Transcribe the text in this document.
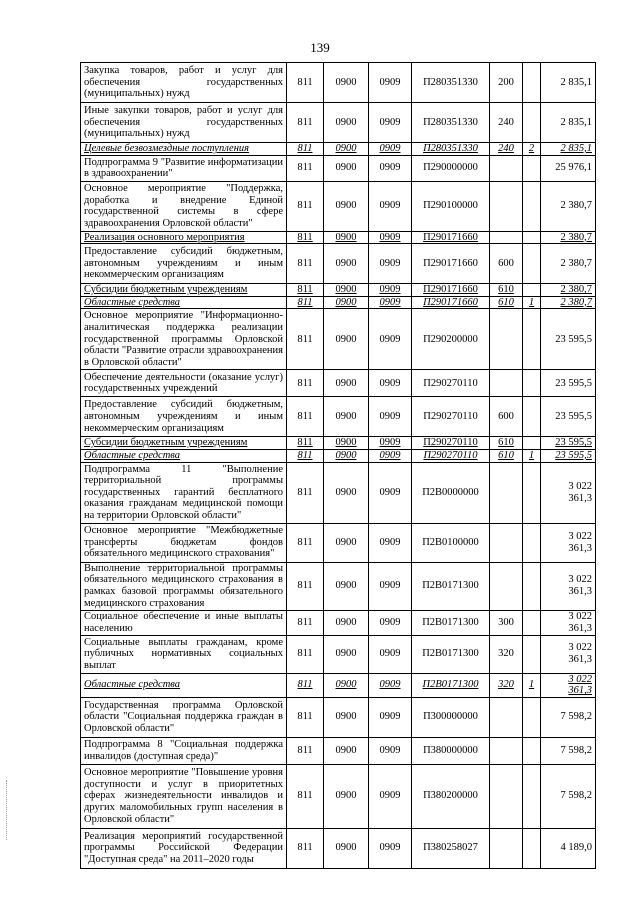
139
Закупка товаров, работ и услуг для обеспечения государственных (муниципальных) нужд	811	0900	0909	П280351330	200		2 835,1
Иные закупки товаров, работ и услуг для обеспечения государственных (муниципальных) нужд	811	0900	0909	П280351330	240		2 835,1
Целевые безвозмездные поступления	811	0900	0909	П280351330	240	2	2 835,1
Подпрограмма 9 "Развитие информатизации в здравоохранении"	811	0900	0909	П290000000			25 976,1
Основное мероприятие "Поддержка, доработка и внедрение Единой государственной системы в сфере здравоохранения Орловской области"	811	0900	0909	П290100000			2 380,7
Реализация основного мероприятия	811	0900	0909	П290171660			2 380,7
Предоставление субсидий бюджетным, автономным учреждениям и иным некоммерческим организациям	811	0900	0909	П290171660	600		2 380,7
Субсидии бюджетным учреждениям	811	0900	0909	П290171660	610		2 380,7
Областные средства	811	0900	0909	П290171660	610	1	2 380,7
Основное мероприятие "Информационно-аналитическая поддержка реализации государственной программы Орловской области "Развитие отрасли здравоохранения в Орловской области"	811	0900	0909	П290200000			23 595,5
Обеспечение деятельности (оказание услуг) государственных учреждений	811	0900	0909	П290270110			23 595,5
Предоставление субсидий бюджетным, автономным учреждениям и иным некоммерческим организациям	811	0900	0909	П290270110	600		23 595,5
Субсидии бюджетным учреждениям	811	0900	0909	П290270110	610		23 595,5
Областные средства	811	0900	0909	П290270110	610	1	23 595,5
Подпрограмма 11 "Выполнение территориальной программы государственных гарантий бесплатного оказания гражданам медицинской помощи на территории Орловской области"	811	0900	0909	П2В0000000			3 022 361,3
Основное мероприятие "Межбюджетные трансферты бюджетам фондов обязательного медицинского страхования"	811	0900	0909	П2В0100000			3 022 361,3
Выполнение территориальной программы обязательного медицинского страхования в рамках базовой программы обязательного медицинского страхования	811	0900	0909	П2В0171300			3 022 361,3
Социальное обеспечение и иные выплаты населению	811	0900	0909	П2В0171300	300		3 022 361,3
Социальные выплаты гражданам, кроме публичных нормативных социальных выплат	811	0900	0909	П2В0171300	320		3 022 361,3
Областные средства	811	0900	0909	П2В0171300	320	1	3 022 361,3
Государственная программа Орловской области "Социальная поддержка граждан в Орловской области"	811	0900	0909	П300000000			7 598,2
Подпрограмма 8 "Социальная поддержка инвалидов (доступная среда)"	811	0900	0909	П380000000			7 598,2
Основное мероприятие "Повышение уровня доступности и услуг в приоритетных сферах жизнедеятельности инвалидов и других маломобильных групп населения в Орловской области"	811	0900	0909	П380200000			7 598,2
Реализация мероприятий государственной программы Российской Федерации "Доступная среда" на 2011–2020 годы	811	0900	0909	П380258027			4 189,0
